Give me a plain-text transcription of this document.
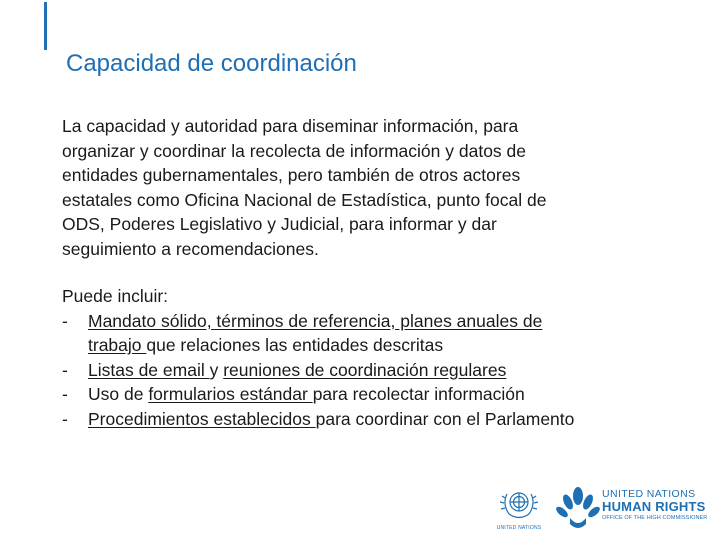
Capacidad de coordinación

La capacidad y autoridad para diseminar información, para
organizar y coordinar la recolecta de información y datos de
entidades gubernamentales, pero también de otros actores
estatales como Oficina Nacional de Estadística, punto focal de
ODS, Poderes Legislativo y Judicial, para informar y dar
seguimiento a recomendaciones.

Puede incluir:
- Mandato sólido, términos de referencia, planes anuales de
trabajo que relaciones las entidades descritas
- Listas de email y reuniones de coordinación regulares
- Uso de formularios estándar para recolectar información
- Procedimientos establecidos para coordinar con el Parlamento
UNITED NATIONS
UNITED NATIONS
HUMAN RIGHTS
OFFICE OF THE HIGH COMMISSIONER
